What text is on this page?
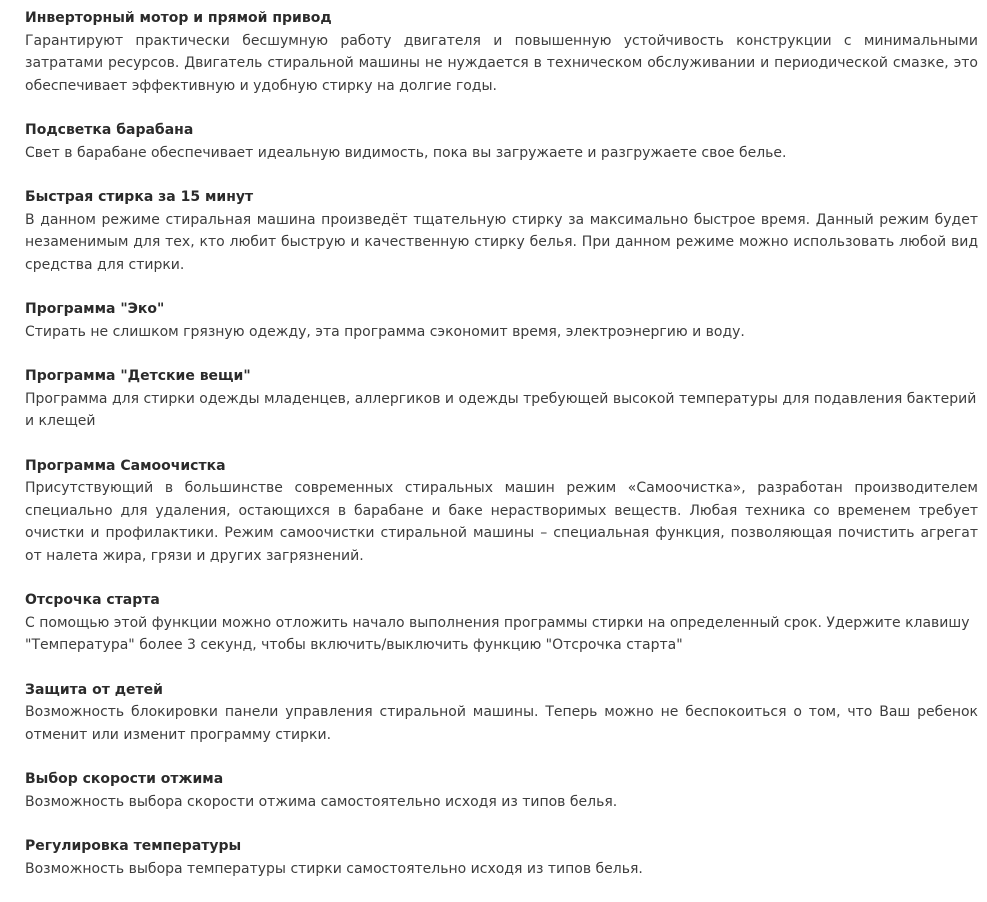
Инверторный мотор и прямой привод

Гарантируют практически бесшумную работу двигателя и повышенную устойчивость конструкции с минимальными затратами ресурсов. Двигатель стиральной машины не нуждается в техническом обслуживании и периодической смазке, это обеспечивает эффективную и удобную стирку на долгие годы.

Подсветка барабана

Свет в барабане обеспечивает идеальную видимость, пока вы загружаете и разгружаете свое белье.

Быстрая стирка за 15 минут

В данном режиме стиральная машина произведёт тщательную стирку за максимально быстрое время. Данный режим будет незаменимым для тех, кто любит быструю и качественную стирку белья. При данном режиме можно использовать любой вид средства для стирки.

Программа "Эко"

Стирать не слишком грязную одежду, эта программа сэкономит время, электроэнергию и воду.

Программа "Детские вещи"

Программа для стирки одежды младенцев, аллергиков и одежды требующей высокой температуры для подавления бактерий и клещей

Программа Самоочистка

Присутствующий в большинстве современных стиральных машин режим «Самоочистка», разработан производителем специально для удаления, остающихся в барабане и баке нерастворимых веществ. Любая техника со временем требует очистки и профилактики. Режим самоочистки стиральной машины – специальная функция, позволяющая почистить агрегат от налета жира, грязи и других загрязнений.

Отсрочка старта

С помощью этой функции можно отложить начало выполнения программы стирки на определенный срок. Удержите клавишу "Температура" более 3 секунд, чтобы включить/выключить функцию "Отсрочка старта"

Защита от детей

Возможность блокировки панели управления стиральной машины. Теперь можно не беспокоиться о том, что Ваш ребенок отменит или изменит программу стирки.

Выбор скорости отжима

Возможность выбора скорости отжима самостоятельно исходя из типов белья.

Регулировка температуры

Возможность выбора температуры стирки самостоятельно исходя из типов белья.
